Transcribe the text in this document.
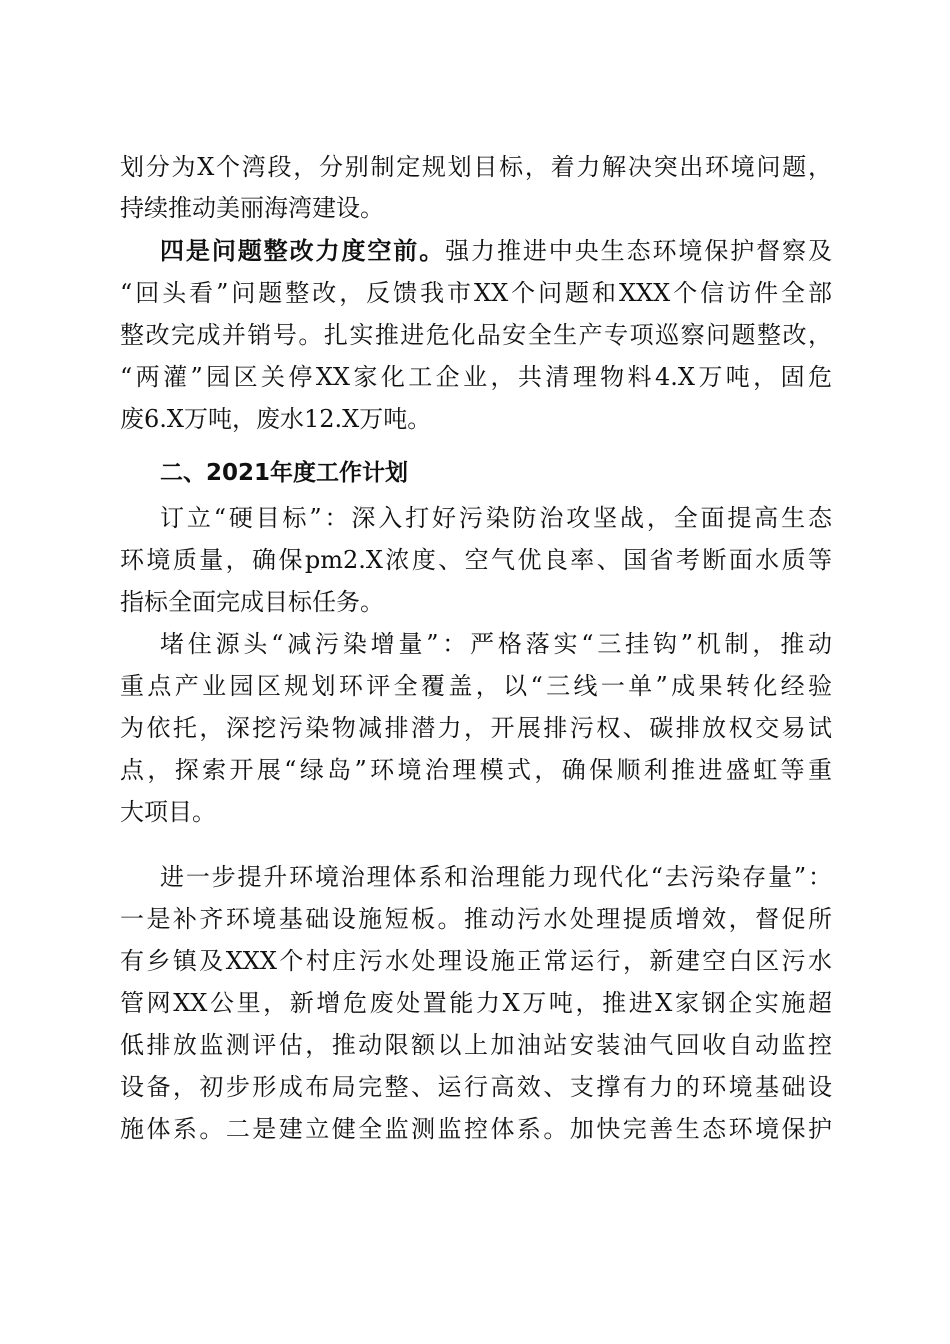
划分为X个湾段，分别制定规划目标，着力解决突出环境问题，

持续推动美丽海湾建设。

四是问题整改力度空前。强力推进中央生态环境保护督察及

“回头看”问题整改，反馈我市XX个问题和XXX个信访件全部

整改完成并销号。扎实推进危化品安全生产专项巡察问题整改，

“两灌”园区关停XX家化工企业，共清理物料4.X万吨，固危

废6.X万吨，废水12.X万吨。

二、2021年度工作计划

订立“硬目标”：深入打好污染防治攻坚战，全面提高生态

环境质量，确保pm2.X浓度、空气优良率、国省考断面水质等

指标全面完成目标任务。

堵住源头“减污染增量”：严格落实“三挂钩”机制，推动

重点产业园区规划环评全覆盖，以“三线一单”成果转化经验

为依托，深挖污染物减排潜力，开展排污权、碳排放权交易试

点，探索开展“绿岛”环境治理模式，确保顺利推进盛虹等重

大项目。

进一步提升环境治理体系和治理能力现代化“去污染存量”：

一是补齐环境基础设施短板。推动污水处理提质增效，督促所

有乡镇及XXX个村庄污水处理设施正常运行，新建空白区污水

管网XX公里，新增危废处置能力X万吨，推进X家钢企实施超

低排放监测评估，推动限额以上加油站安装油气回收自动监控

设备，初步形成布局完整、运行高效、支撑有力的环境基础设

施体系。二是建立健全监测监控体系。加快完善生态环境保护
